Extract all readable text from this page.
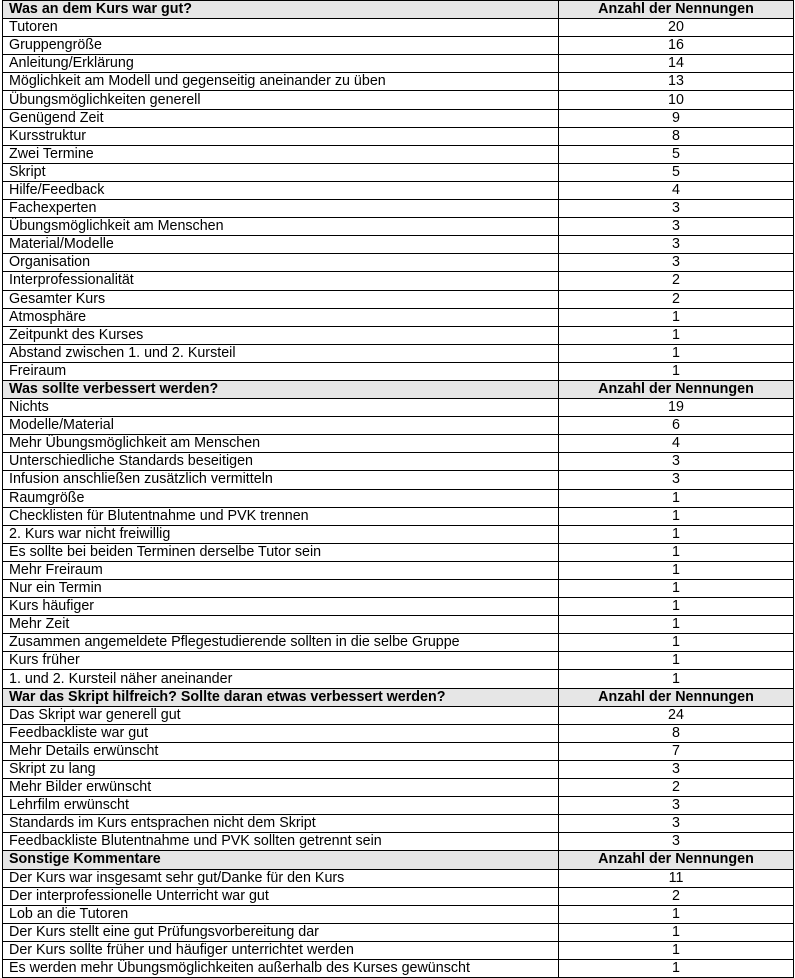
Was an dem Kurs war gut?	Anzahl der Nennungen
Tutoren	20
Gruppengröße	16
Anleitung/Erklärung	14
Möglichkeit am Modell und gegenseitig aneinander zu üben	13
Übungsmöglichkeiten generell	10
Genügend Zeit	9
Kursstruktur	8
Zwei Termine	5
Skript	5
Hilfe/Feedback	4
Fachexperten	3
Übungsmöglichkeit am Menschen	3
Material/Modelle	3
Organisation	3
Interprofessionalität	2
Gesamter Kurs	2
Atmosphäre	1
Zeitpunkt des Kurses	1
Abstand zwischen 1. und 2. Kursteil	1
Freiraum	1
Was sollte verbessert werden?	Anzahl der Nennungen
Nichts	19
Modelle/Material	6
Mehr Übungsmöglichkeit am Menschen	4
Unterschiedliche Standards beseitigen	3
Infusion anschließen zusätzlich vermitteln	3
Raumgröße	1
Checklisten für Blutentnahme und PVK trennen	1
2. Kurs war nicht freiwillig	1
Es sollte bei beiden Terminen derselbe Tutor sein	1
Mehr Freiraum	1
Nur ein Termin	1
Kurs häufiger	1
Mehr Zeit	1
Zusammen angemeldete Pflegestudierende sollten in die selbe Gruppe	1
Kurs früher	1
1. und 2. Kursteil näher aneinander	1
War das Skript hilfreich? Sollte daran etwas verbessert werden?	Anzahl der Nennungen
Das Skript war generell gut	24
Feedbackliste war gut	8
Mehr Details erwünscht	7
Skript zu lang	3
Mehr Bilder erwünscht	2
Lehrfilm erwünscht	3
Standards im Kurs entsprachen nicht dem Skript	3
Feedbackliste Blutentnahme und PVK sollten getrennt sein	3
Sonstige Kommentare	Anzahl der Nennungen
Der Kurs war insgesamt sehr gut/Danke für den Kurs	11
Der interprofessionelle Unterricht war gut	2
Lob an die Tutoren	1
Der Kurs stellt eine gut Prüfungsvorbereitung dar	1
Der Kurs sollte früher und häufiger unterrichtet werden	1
Es werden mehr Übungsmöglichkeiten außerhalb des Kurses gewünscht	1
